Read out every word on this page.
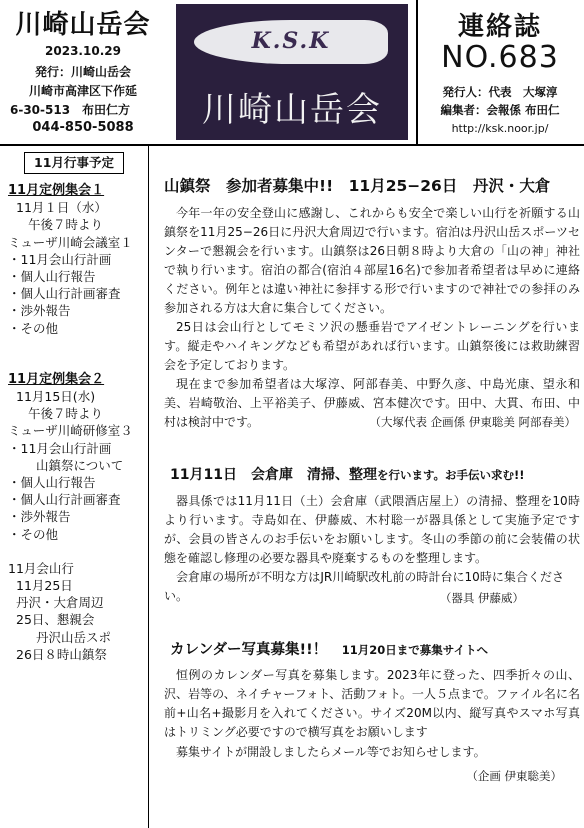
川崎山岳会
2023.10.29
発行：川崎山岳会
川崎市高津区下作延
6-30-513　布田仁方
044-850-5088
K.S.K
川崎山岳会
連絡誌
NO.683
発行人：代表　大塚淳
編集者：会報係 布田仁
http://ksk.noor.jp/
11月行事予定
11月定例集会１
11月１日（水）
午後７時より
ミューザ川崎会議室１
・11月会山行計画
・個人山行報告
・個人山行計画審査
・渉外報告
・その他
11月定例集会２
11月15日(水)
午後７時より
ミューザ川崎研修室３
・11月会山行計画
山鎮祭について
・個人山行報告
・個人山行計画審査
・渉外報告
・その他
11月会山行
11月25日
丹沢・大倉周辺
25日、懇親会
丹沢山岳スポ
26日８時山鎮祭
山鎮祭　参加者募集中!!　11月25−26日　丹沢・大倉

今年一年の安全登山に感謝し、これからも安全で楽しい山行を祈願する山鎮祭を11月25−26日に丹沢大倉周辺で行います。宿泊は丹沢山岳スポーツセンターで懇親会を行います。山鎮祭は26日朝８時より大倉の「山の神」神社で執り行います。宿泊の都合(宿泊４部屋16名)で参加者希望者は早めに連絡ください。例年とは違い神社に参拝する形で行いますので神社での参拝のみ参加される方は大倉に集合してください。

25日は会山行としてモミソ沢の懸垂岩でアイゼントレーニングを行います。縦走やハイキングなども希望があれば行います。山鎮祭後には救助練習会を予定しております。

現在まで参加希望者は大塚淳、阿部春美、中野久彦、中島光康、望永和美、岩崎敬治、上平裕美子、伊藤威、宮本健次です。田中、大貫、布田、中村は検討中です。	（大塚代表 企画係 伊東聡美 阿部春美）
11月11日　会倉庫　清掃、整理を行います。お手伝い求む!!

器具係では11月11日（土）会倉庫（武隈酒店屋上）の清掃、整理を10時より行います。寺島如在、伊藤威、木村聡一が器具係として実施予定ですが、会員の皆さんのお手伝いをお願いします。冬山の季節の前に会装備の状態を確認し修理の必要な器具や廃棄するものを整理します。

会倉庫の場所が不明な方はJR川崎駅改札前の時計台に10時に集合ください。	（器具 伊藤威）
カレンダー写真募集!!！　 11月20日まで募集サイトへ

恒例のカレンダー写真を募集します。2023年に登った、四季折々の山、沢、岩等の、ネイチャーフォト、活動フォト。一人５点まで。ファイル名に名前+山名+撮影月を入れてください。サイズ20M以内、縦写真やスマホ写真はトリミング必要ですので横写真をお願いします

募集サイトが開設しましたらメール等でお知らせします。

（企画 伊東聡美）
